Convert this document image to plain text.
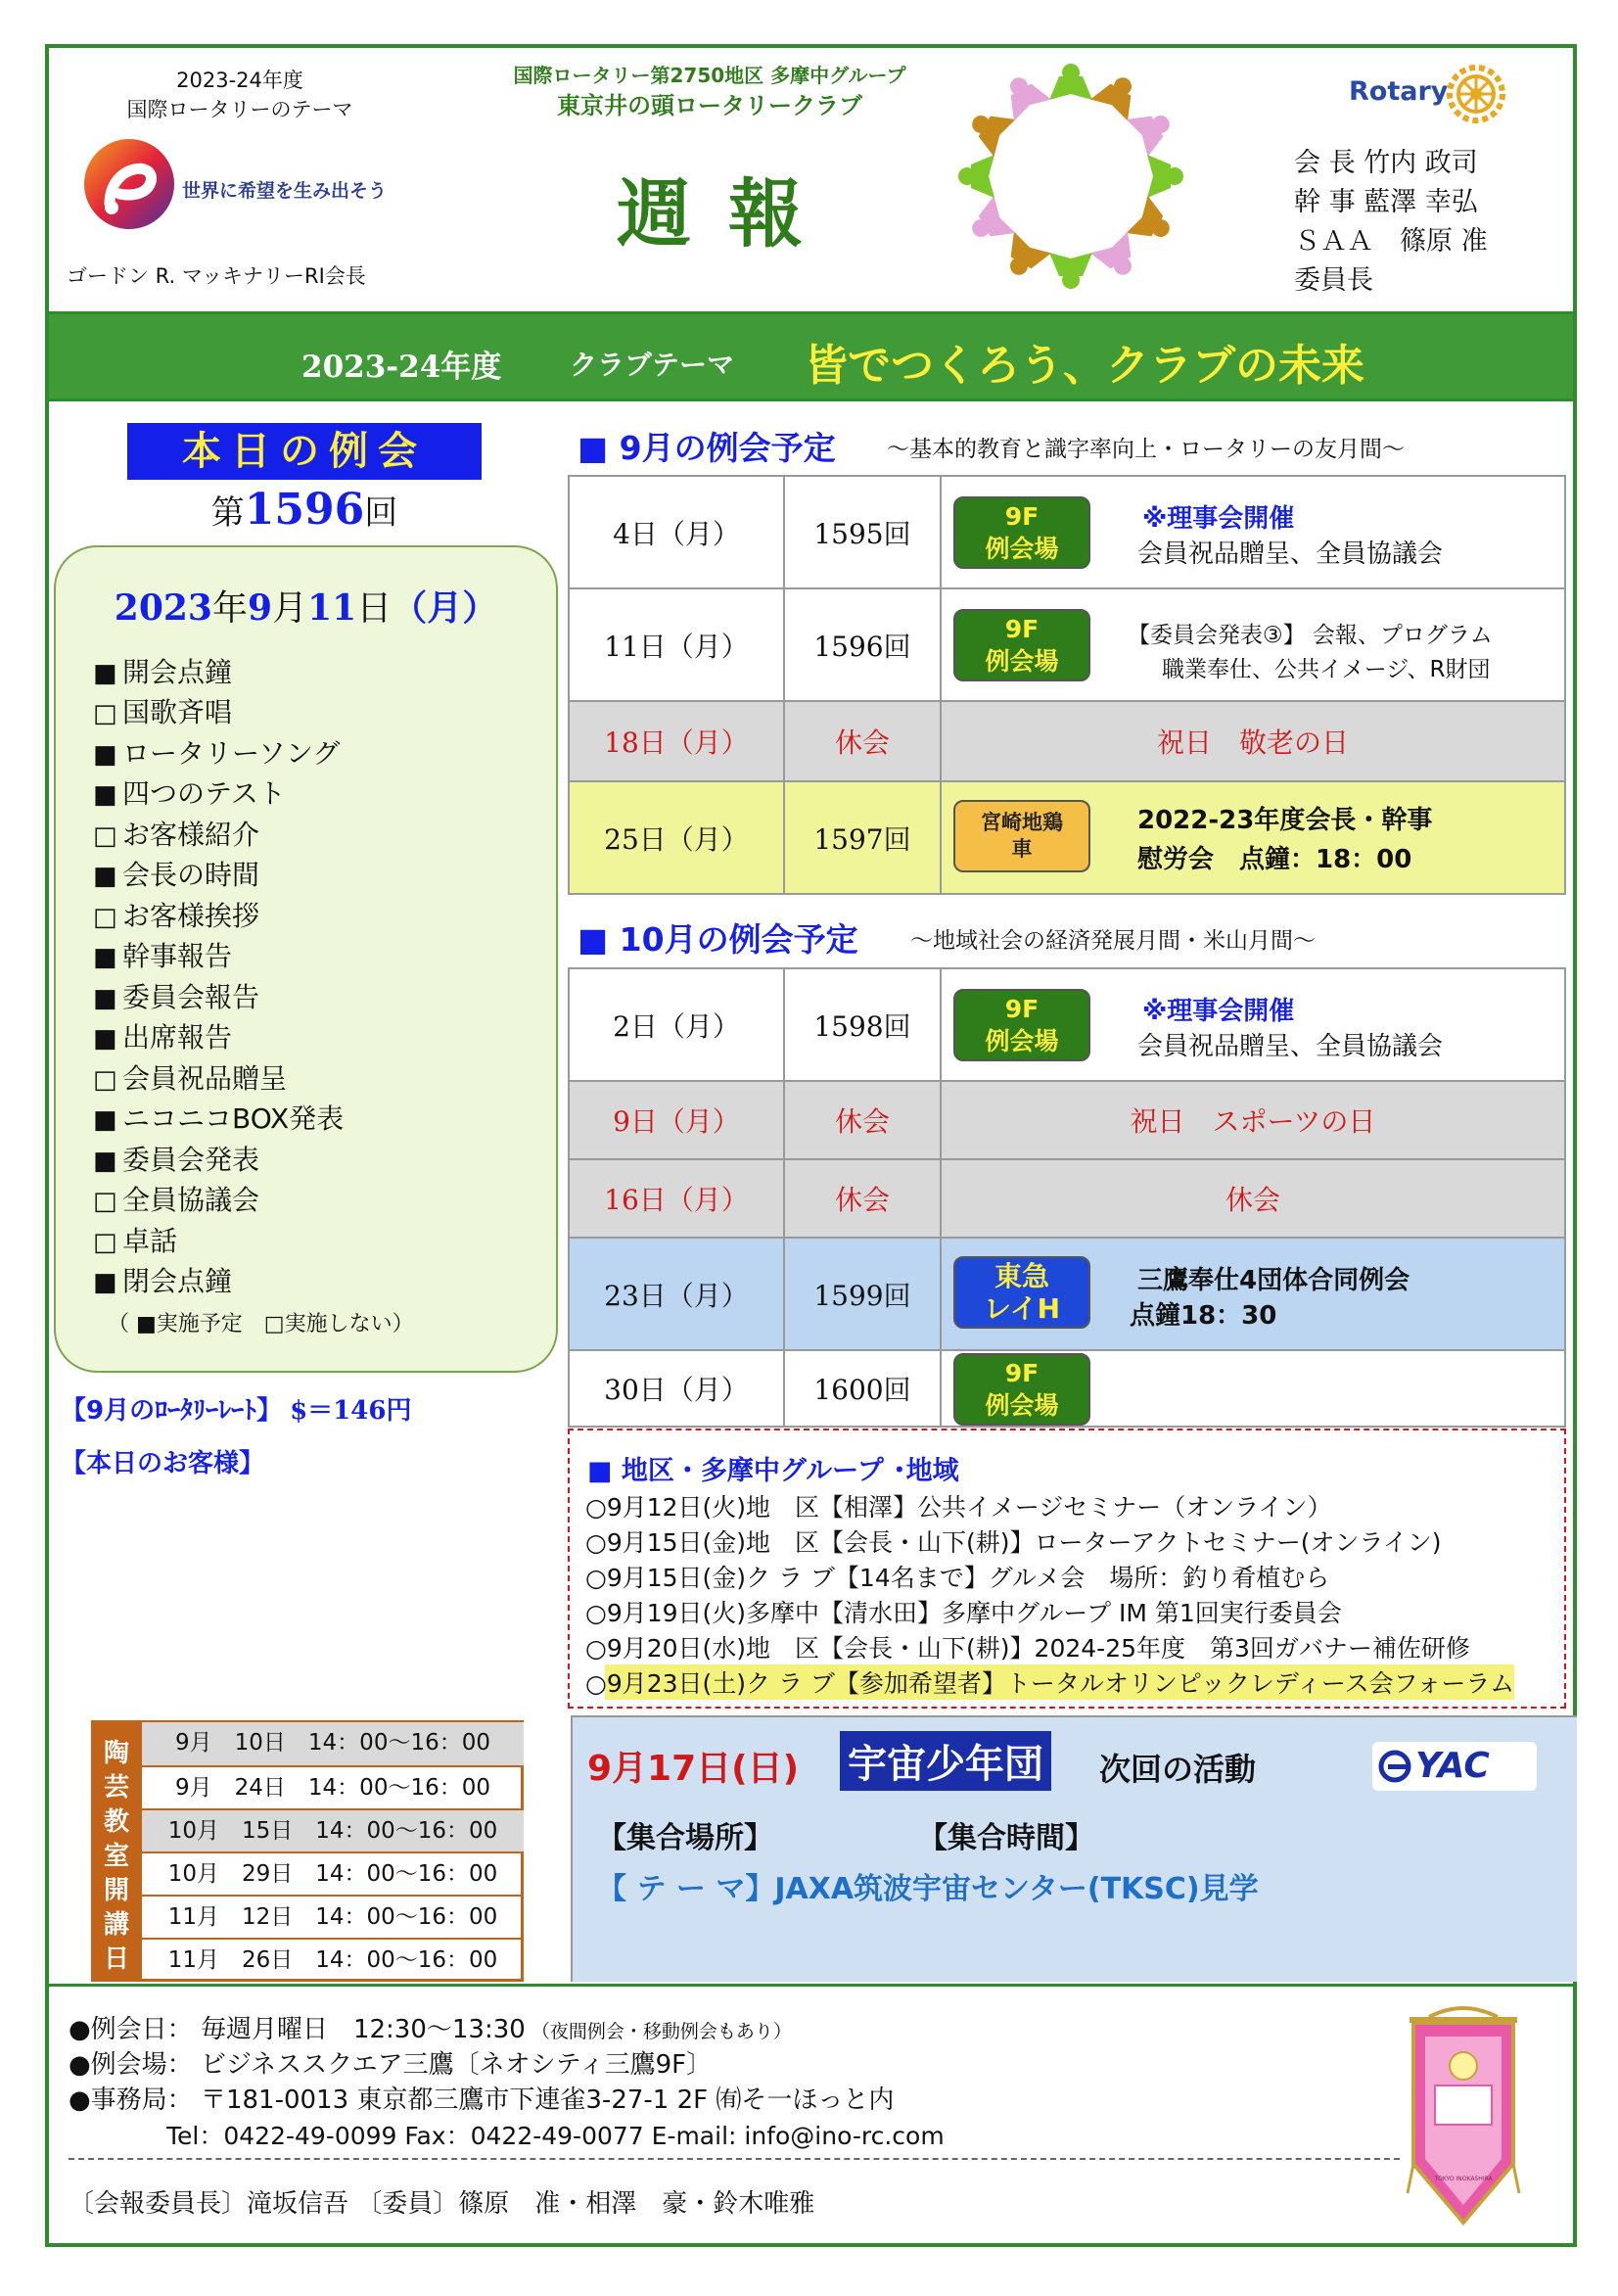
2023-24年度
国際ロータリーのテーマ
世界に希望を生み出そう
ゴードン R. マッキナリーRI会長
国際ロータリー第2750地区 多摩中グループ
東京井の頭ロータリークラブ
週報
Rotary
会 長 竹内 政司
幹 事 藍澤 幸弘
ＳＡＡ　篠原 准
委員長
2023-24年度 クラブテーマ 皆でつくろう、クラブの未来
本日の例会
第1596回
2023年9月11日（月）
■ 開会点鐘
□ 国歌斉唱
■ ロータリーソング
■ 四つのテスト
□ お客様紹介
■ 会長の時間
□ お客様挨拶
■ 幹事報告
■ 委員会報告
■ 出席報告
□ 会員祝品贈呈
■ ニコニコBOX発表
■ 委員会発表
□ 全員協議会
□ 卓話
■ 閉会点鐘
（ ■実施予定　□実施しない）
【9月のﾛｰﾀﾘｰﾚｰﾄ】 $＝146円
【本日のお客様】
陶
芸
教
室
開
講
日
9月　10日　14：00～16：00
9月　24日　14：00～16：00
10月　15日　14：00～16：00
10月　29日　14：00～16：00
11月　12日　14：00～16：00
11月　26日　14：00～16：00
■ 9月の例会予定 ～基本的教育と識字率向上・ロータリーの友月間～
4日（月）	1595回
9F
例会場
※理事会開催
会員祝品贈呈、全員協議会
11日（月）	1596回
9F
例会場
【委員会発表③】 会報、プログラム
職業奉仕、公共イメージ、R財団
18日（月）	休会	祝日　敬老の日
25日（月）	1597回
宮崎地鶏
車
2022-23年度会長・幹事
慰労会　点鐘：18：00
■ 10月の例会予定 ～地域社会の経済発展月間・米山月間～
2日（月）	1598回
9F
例会場
※理事会開催
会員祝品贈呈、全員協議会
9日（月）	休会	祝日　スポーツの日
16日（月）	休会	休会
23日（月）	1599回
東急
レイH
三鷹奉仕4団体合同例会
点鐘18：30
30日（月）	1600回
9F
例会場
■ 地区・多摩中グループ ･地域
○9月12日(火)地　区【相澤】公共イメージセミナー（オンライン）
○9月15日(金)地　区【会長・山下(耕)】ローターアクトセミナー(オンライン)
○9月15日(金)ク ラ ブ【14名まで】グルメ会　場所：釣り肴植むら
○9月19日(火)多摩中【清水田】多摩中グループ IM 第1回実行委員会
○9月20日(水)地　区【会長・山下(耕)】2024-25年度　第3回ガバナー補佐研修
○9月23日(土)ク ラ ブ【参加希望者】トータルオリンピックレディース会フォーラム
9月17日(日) 宇宙少年団 次回の活動	YAC
【集合場所】	【集合時間】
【 テ ー マ】JAXA筑波宇宙センター(TKSC)見学
●例会日： 毎週月曜日　12:30～13:30 （夜間例会・移動例会もあり）
●例会場： ビジネススクエア三鷹〔ネオシティ三鷹9F〕
●事務局： 〒181-0013 東京都三鷹市下連雀3-27-1 2F ㈲そ一ほっと内
Tel：0422-49-0099 Fax：0422-49-0077 E-mail: info@ino-rc.com
〔会報委員長〕滝坂信吾 〔委員〕篠原　准・相澤　豪・鈴木唯雅
TOKYO INOKASHIRA
